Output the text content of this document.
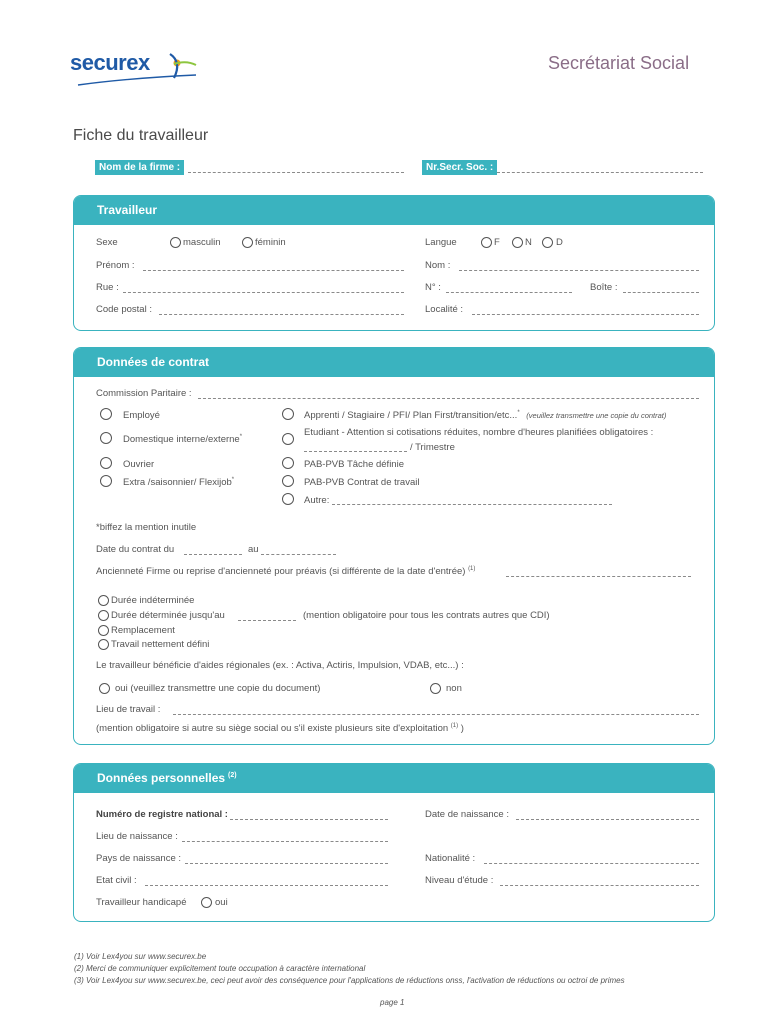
securex	Secrétariat Social
Fiche du travailleur
Nom de la firme :	Nr.Secr. Soc. :
Travailleur
Sexe	masculin	féminin	Langue	F	N	D
Prénom :	Nom :
Rue :	N° :	Boîte :
Code postal :	Localité :
Données de contrat
Commission Paritaire :
Employé	Apprenti / Stagiaire / PFI/ Plan First/transition/etc...* (veuillez transmettre une copie du contrat)
Domestique interne/externe*	Etudiant - Attention si cotisations réduites, nombre d'heures planifiées obligatoires :
/ Trimestre
Ouvrier	PAB-PVB Tâche définie
Extra /saisonnier/ Flexijob*	PAB-PVB Contrat de travail
Autre:
*biffez la mention inutile
Date du contrat du	au
Ancienneté Firme ou reprise d'ancienneté pour préavis (si différente de la date d'entrée) $^{(1)}$
Durée indéterminée
Durée déterminée jusqu'au	(mention obligatoire pour tous les contrats autres que CDI)
Remplacement
Travail nettement défini
Le travailleur bénéficie d'aides régionales (ex. : Activa, Actiris, Impulsion, VDAB, etc...) :
oui (veuillez transmettre une copie du document)	non
Lieu de travail :
(mention obligatoire si autre su siège social ou s'il existe plusieurs site d'exploitation $^{(1)}$ )
Données personnelles $^{(2)}$
Numéro de registre national :	Date de naissance :
Lieu de naissance :
Pays de naissance :	Nationalité :
Etat civil :	Niveau d'étude :
Travailleur handicapé	oui
(1) Voir Lex4you sur www.securex.be
(2) Merci de communiquer explicitement toute occupation à caractère international
(3) Voir Lex4you sur www.securex.be, ceci peut avoir des conséquence pour l'applications de réductions onss, l'activation de réductions ou octroi de primes
page 1
